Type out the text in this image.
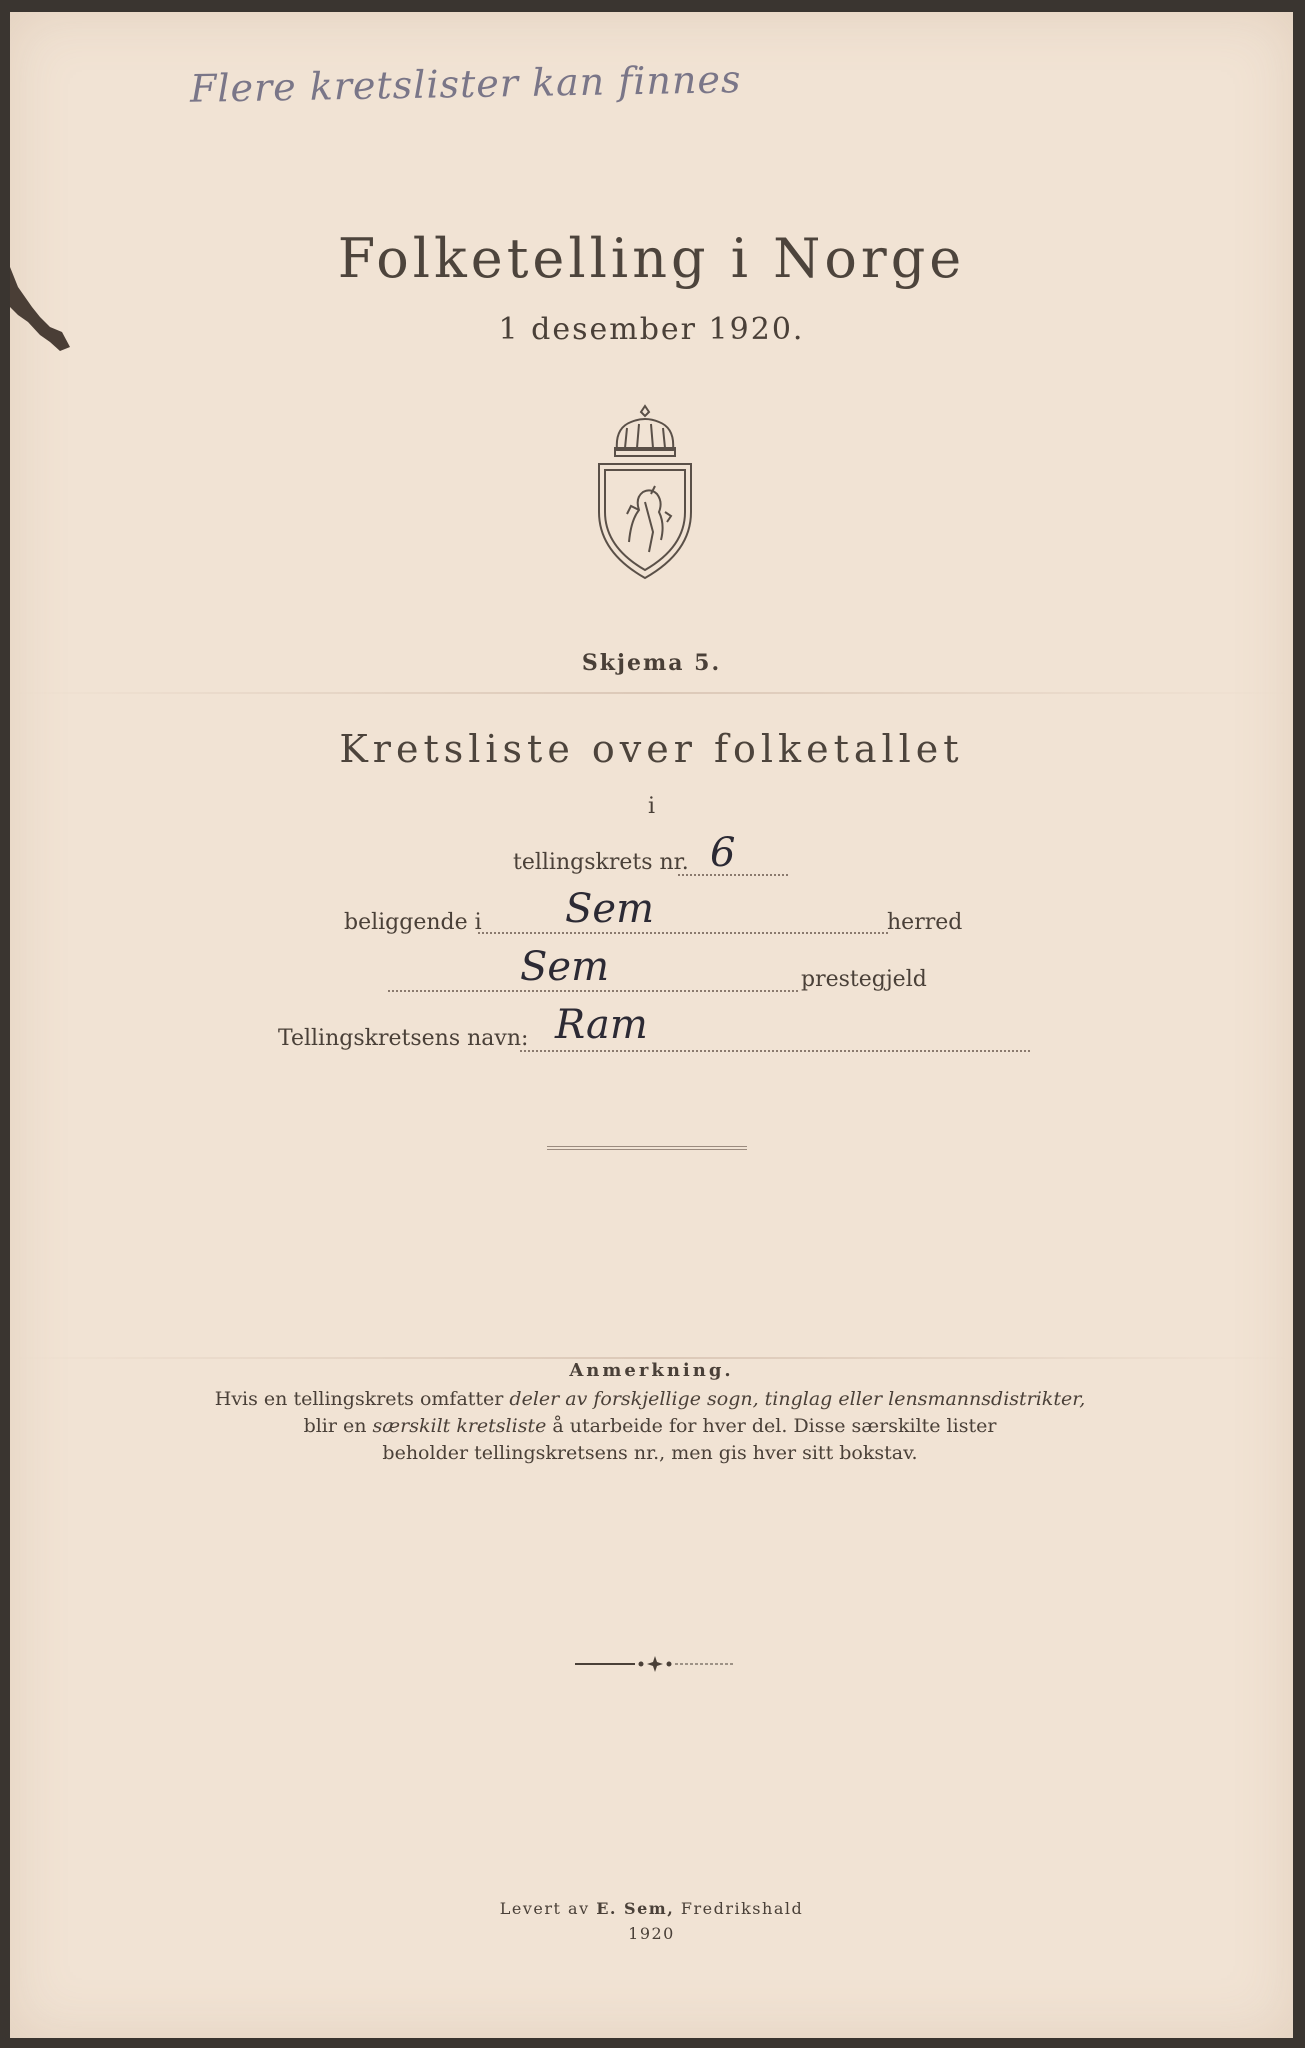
Flere kretslister kan finnes
Folketelling i Norge
1 desember 1920.
Skjema 5.
Kretsliste over folketallet
i
tellingskrets nr. 6
beliggende i Sem	herred
Sem	prestegjeld
Tellingskretsens navn: Ram
Anmerkning.
Hvis en tellingskrets omfatter deler av forskjellige sogn, tinglag eller lensmannsdistrikter,
blir en særskilt kretsliste å utarbeide for hver del. Disse særskilte lister
beholder tellingskretsens nr., men gis hver sitt bokstav.
Levert av E. Sem, Fredrikshald
1920
